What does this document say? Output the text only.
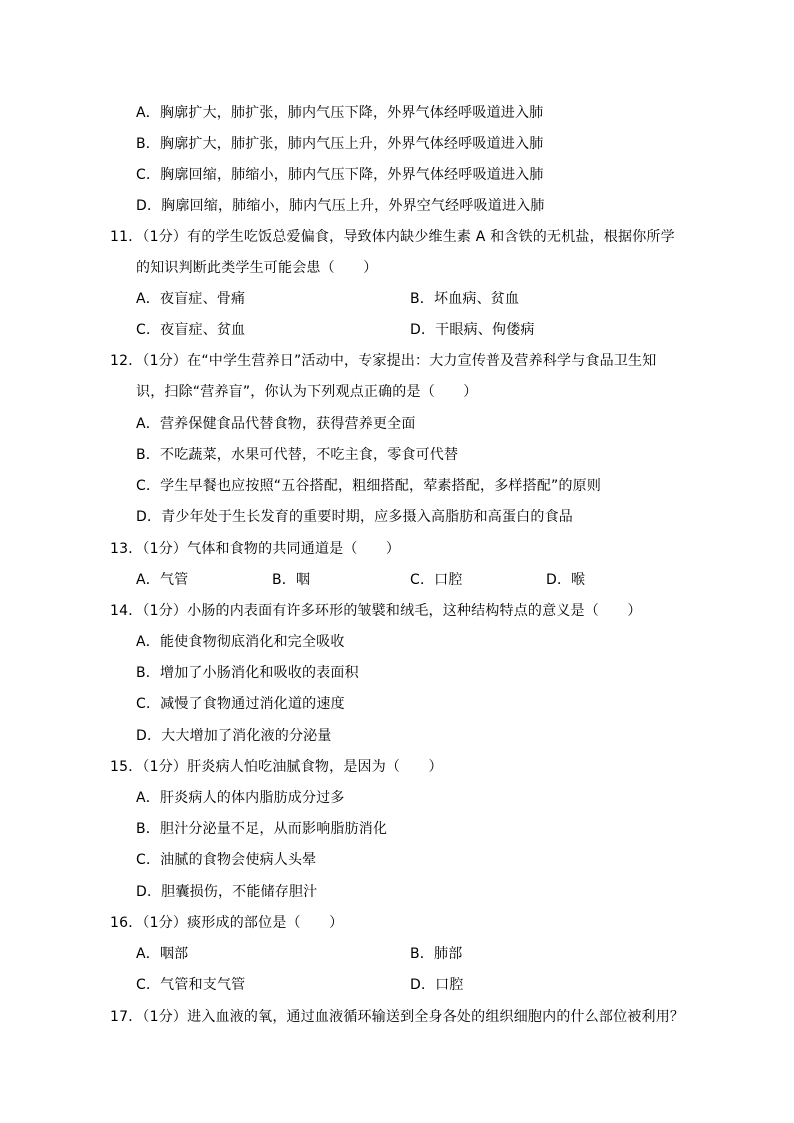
A．胸廓扩大，肺扩张，肺内气压下降，外界气体经呼吸道进入肺
B．胸廓扩大，肺扩张，肺内气压上升，外界气体经呼吸道进入肺
C．胸廓回缩，肺缩小，肺内气压下降，外界气体经呼吸道进入肺
D．胸廓回缩，肺缩小，肺内气压上升，外界空气经呼吸道进入肺
11．（1分）有的学生吃饭总爱偏食，导致体内缺少维生素 A 和含铁的无机盐，根据你所学
的知识判断此类学生可能会患（　　）
A．夜盲症、骨痛	B．坏血病、贫血
C．夜盲症、贫血	D．干眼病、佝偻病
12．（1分）在“中学生营养日”活动中，专家提出：大力宣传普及营养科学与食品卫生知
识，扫除“营养盲”，你认为下列观点正确的是（　　）
A．营养保健食品代替食物，获得营养更全面
B．不吃蔬菜，水果可代替，不吃主食，零食可代替
C．学生早餐也应按照“五谷搭配，粗细搭配，荤素搭配，多样搭配”的原则
D．青少年处于生长发育的重要时期，应多摄入高脂肪和高蛋白的食品
13．（1分）气体和食物的共同通道是（　　）
A．气管	B．咽	C．口腔	D．喉
14．（1分）小肠的内表面有许多环形的皱襞和绒毛，这种结构特点的意义是（　　）
A．能使食物彻底消化和完全吸收
B．增加了小肠消化和吸收的表面积
C．减慢了食物通过消化道的速度
D．大大增加了消化液的分泌量
15．（1分）肝炎病人怕吃油腻食物，是因为（　　）
A．肝炎病人的体内脂肪成分过多
B．胆汁分泌量不足，从而影响脂肪消化
C．油腻的食物会使病人头晕
D．胆囊损伤，不能储存胆汁
16．（1分）痰形成的部位是（　　）
A．咽部	B．肺部
C．气管和支气管	D．口腔
17．（1分）进入血液的氧，通过血液循环输送到全身各处的组织细胞内的什么部位被利用？
